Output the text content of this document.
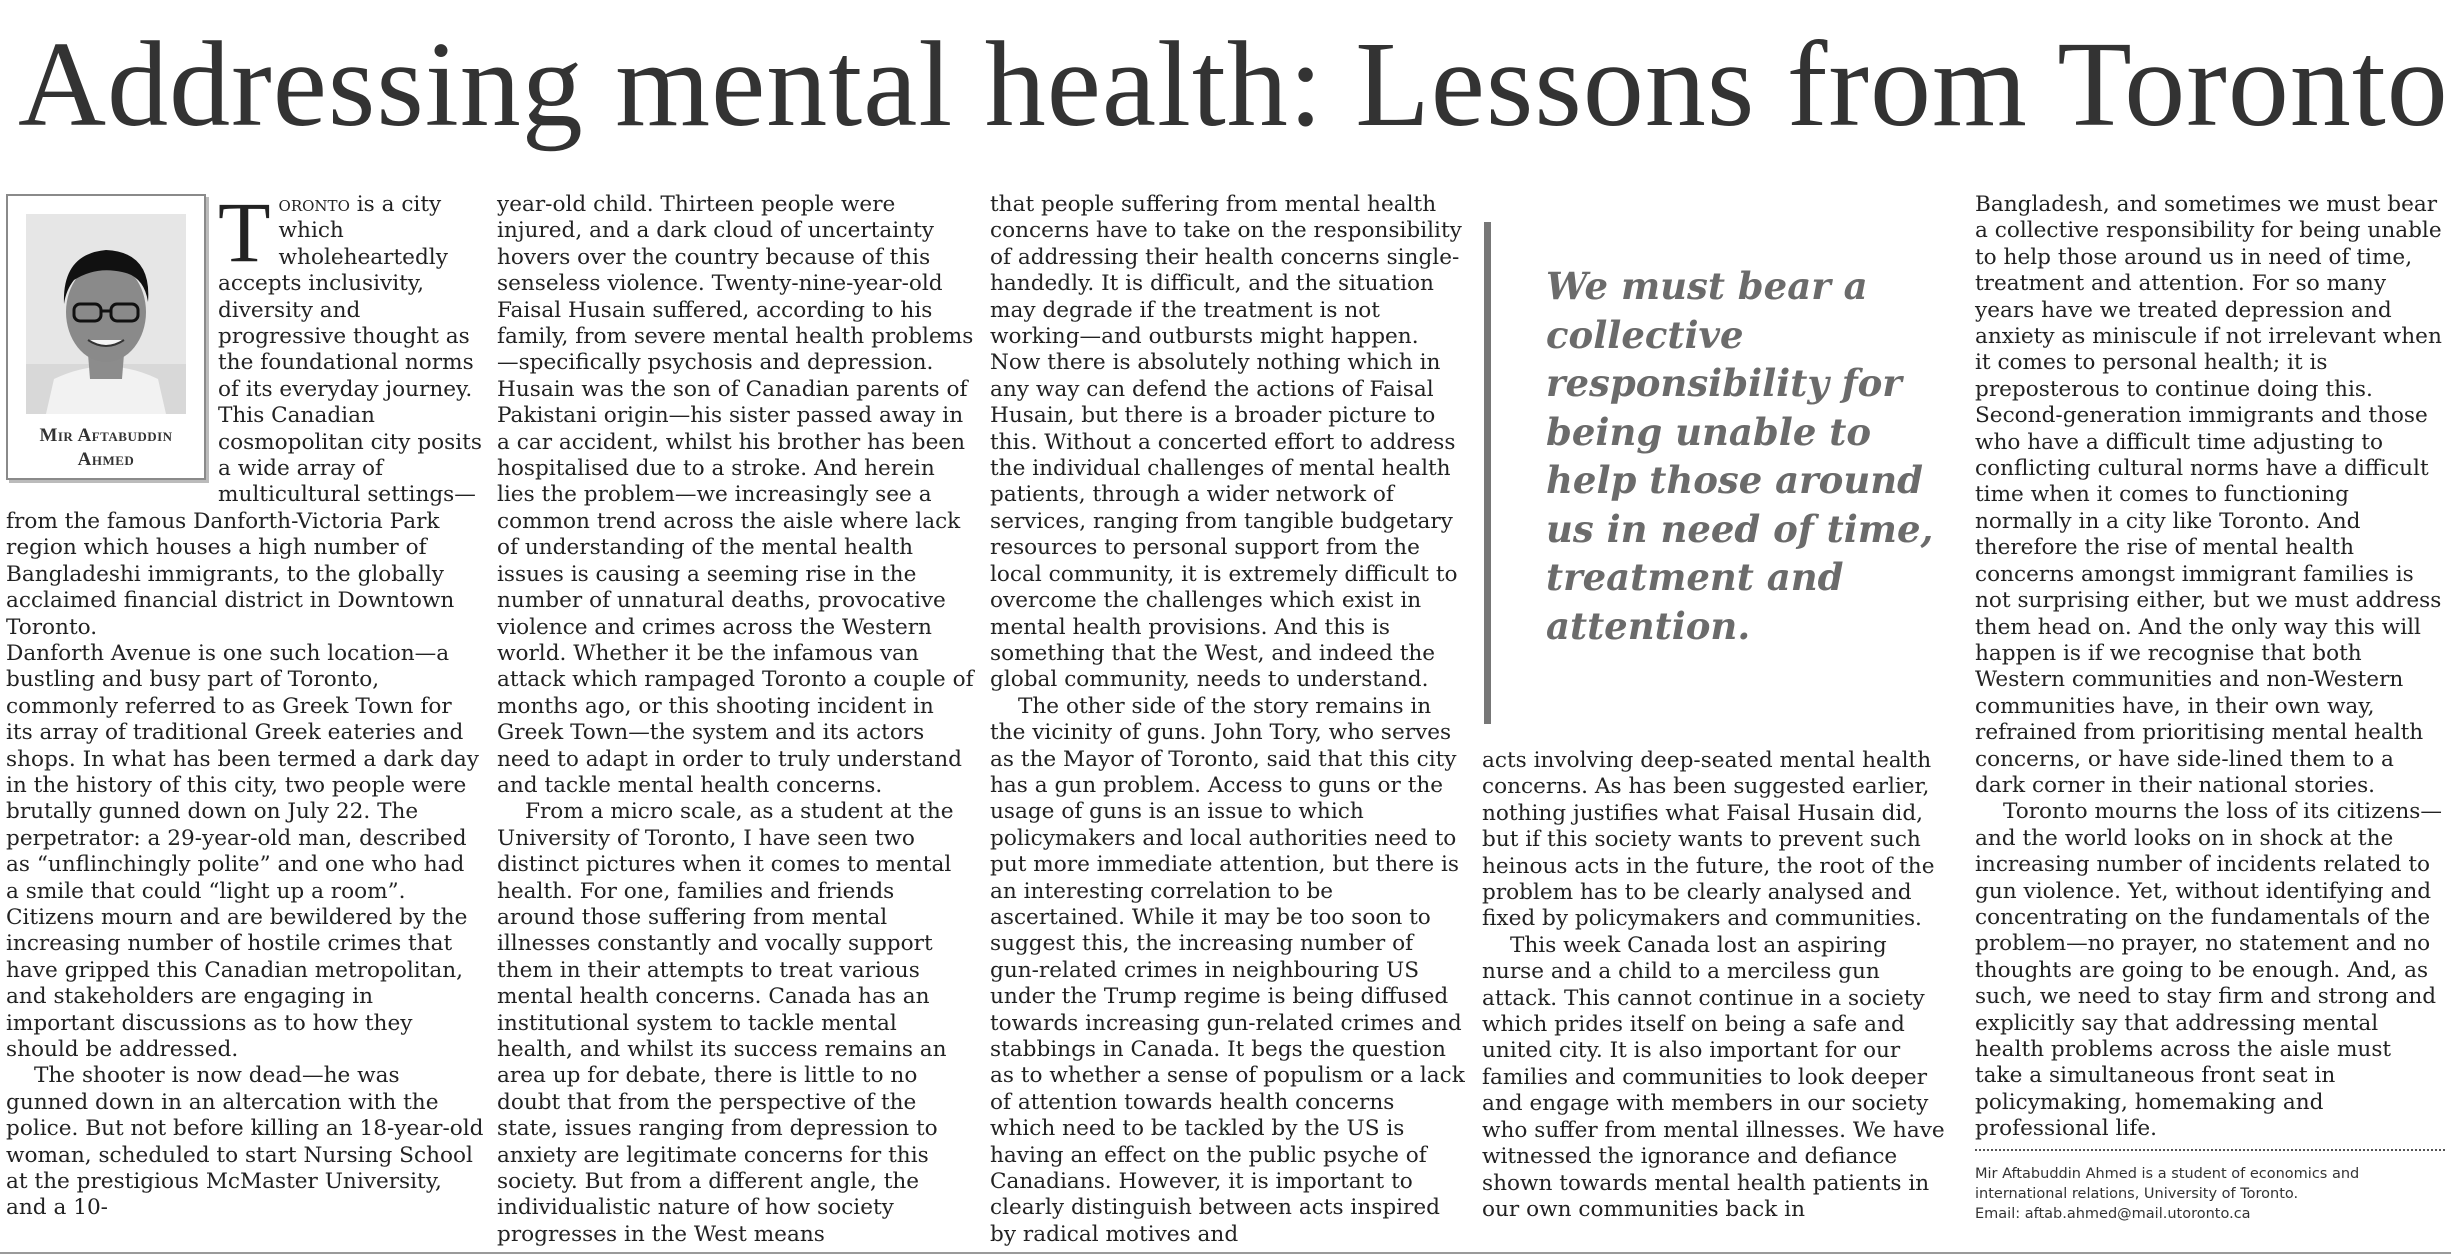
Addressing mental health: Lessons from Toronto
Mir Aftabuddin
Ahmed

Toronto is a city which wholeheartedly accepts inclusivity, diversity and progressive thought as the foundational norms of its everyday journey. This Canadian cosmopolitan city posits a wide array of multicultural settings—from the famous Danforth-Victoria Park region which houses a high number of Bangladeshi immigrants, to the globally acclaimed financial district in Downtown Toronto.

Danforth Avenue is one such location—a bustling and busy part of Toronto, commonly referred to as Greek Town for its array of traditional Greek eateries and shops. In what has been termed a dark day in the history of this city, two people were brutally gunned down on July 22. The perpetrator: a 29-year-old man, described as “unflinchingly polite” and one who had a smile that could “light up a room”. Citizens mourn and are bewildered by the increasing number of hostile crimes that have gripped this Canadian metropolitan, and stakeholders are engaging in important discussions as to how they should be addressed.

The shooter is now dead—he was gunned down in an altercation with the police. But not before killing an 18-year-old woman, scheduled to start Nursing School at the prestigious McMaster University, and a 10-

year-old child. Thirteen people were injured, and a dark cloud of uncertainty hovers over the country because of this senseless violence. Twenty-nine-year-old Faisal Husain suffered, according to his family, from severe mental health problems—specifically psychosis and depression. Husain was the son of Canadian parents of Pakistani origin—his sister passed away in a car accident, whilst his brother has been hospitalised due to a stroke. And herein lies the problem—we increasingly see a common trend across the aisle where lack of understanding of the mental health issues is causing a seeming rise in the number of unnatural deaths, provocative violence and crimes across the Western world. Whether it be the infamous van attack which rampaged Toronto a couple of months ago, or this shooting incident in Greek Town—the system and its actors need to adapt in order to truly understand and tackle mental health concerns.

From a micro scale, as a student at the University of Toronto, I have seen two distinct pictures when it comes to mental health. For one, families and friends around those suffering from mental illnesses constantly and vocally support them in their attempts to treat various mental health concerns. Canada has an institutional system to tackle mental health, and whilst its success remains an area up for debate, there is little to no doubt that from the perspective of the state, issues ranging from depression to anxiety are legitimate concerns for this society. But from a different angle, the individualistic nature of how society progresses in the West means

that people suffering from mental health concerns have to take on the responsibility of addressing their health concerns single-handedly. It is difficult, and the situation may degrade if the treatment is not working—and outbursts might happen. Now there is absolutely nothing which in any way can defend the actions of Faisal Husain, but there is a broader picture to this. Without a concerted effort to address the individual challenges of mental health patients, through a wider network of services, ranging from tangible budgetary resources to personal support from the local community, it is extremely difficult to overcome the challenges which exist in mental health provisions. And this is something that the West, and indeed the global community, needs to understand.

The other side of the story remains in the vicinity of guns. John Tory, who serves as the Mayor of Toronto, said that this city has a gun problem. Access to guns or the usage of guns is an issue to which policymakers and local authorities need to put more immediate attention, but there is an interesting correlation to be ascertained. While it may be too soon to suggest this, the increasing number of gun-related crimes in neighbouring US under the Trump regime is being diffused towards increasing gun-related crimes and stabbings in Canada. It begs the question as to whether a sense of populism or a lack of attention towards health concerns which need to be tackled by the US is having an effect on the public psyche of Canadians. However, it is important to clearly distinguish between acts inspired by radical motives and

We must bear a collective responsibility for being unable to help those around us in need of time, treatment and attention.

acts involving deep-seated mental health concerns. As has been suggested earlier, nothing justifies what Faisal Husain did, but if this society wants to prevent such heinous acts in the future, the root of the problem has to be clearly analysed and fixed by policymakers and communities.

This week Canada lost an aspiring nurse and a child to a merciless gun attack. This cannot continue in a society which prides itself on being a safe and united city. It is also important for our families and communities to look deeper and engage with members in our society who suffer from mental illnesses. We have witnessed the ignorance and defiance shown towards mental health patients in our own communities back in

Bangladesh, and sometimes we must bear a collective responsibility for being unable to help those around us in need of time, treatment and attention. For so many years have we treated depression and anxiety as miniscule if not irrelevant when it comes to personal health; it is preposterous to continue doing this. Second-generation immigrants and those who have a difficult time adjusting to conflicting cultural norms have a difficult time when it comes to functioning normally in a city like Toronto. And therefore the rise of mental health concerns amongst immigrant families is not surprising either, but we must address them head on. And the only way this will happen is if we recognise that both Western communities and non-Western communities have, in their own way, refrained from prioritising mental health concerns, or have side-lined them to a dark corner in their national stories.

Toronto mourns the loss of its citizens—and the world looks on in shock at the increasing number of incidents related to gun violence. Yet, without identifying and concentrating on the fundamentals of the problem—no prayer, no statement and no thoughts are going to be enough. And, as such, we need to stay firm and strong and explicitly say that addressing mental health problems across the aisle must take a simultaneous front seat in policymaking, homemaking and professional life.

Mir Aftabuddin Ahmed is a student of economics and

international relations, University of Toronto.

Email: aftab.ahmed@mail.utoronto.ca
